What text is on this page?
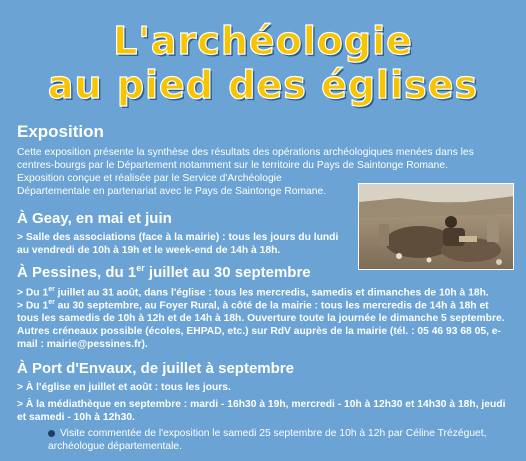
L'archéologie
au pied des églises
Exposition
Cette exposition présente la synthèse des résultats des opérations archéologiques menées dans les centres-bourgs par le Département notamment sur le territoire du Pays de Saintonge Romane.
Exposition conçue et réalisée par le Service d'Archéologie Départementale en partenariat avec le Pays de Saintonge Romane.
À Geay, en mai et juin
> Salle des associations (face à la mairie) : tous les jours du lundi au vendredi de 10h à 19h et le week-end de 14h à 18h.
À Pessines, du 1er juillet au 30 septembre
> Du 1er juillet au 31 août, dans l'église : tous les mercredis, samedis et dimanches de 10h à 18h.
> Du 1er au 30 septembre, au Foyer Rural, à côté de la mairie : tous les mercredis de 14h à 18h et tous les samedis de 10h à 12h et de 14h à 18h. Ouverture toute la journée le dimanche 5 septembre. Autres créneaux possible (écoles, EHPAD, etc.) sur RdV auprès de la mairie (tél. : 05 46 93 68 05, e-mail : mairie@pessines.fr).
À Port d'Envaux, de juillet à septembre
> À l'église en juillet et août : tous les jours.
> À la médiathèque en septembre : mardi - 16h30 à 19h, mercredi - 10h à 12h30 et 14h30 à 18h, jeudi et samedi - 10h à 12h30.
Visite commentée de l'exposition le samedi 25 septembre de 10h à 12h par Céline Trézéguet, archéologue départementale.
